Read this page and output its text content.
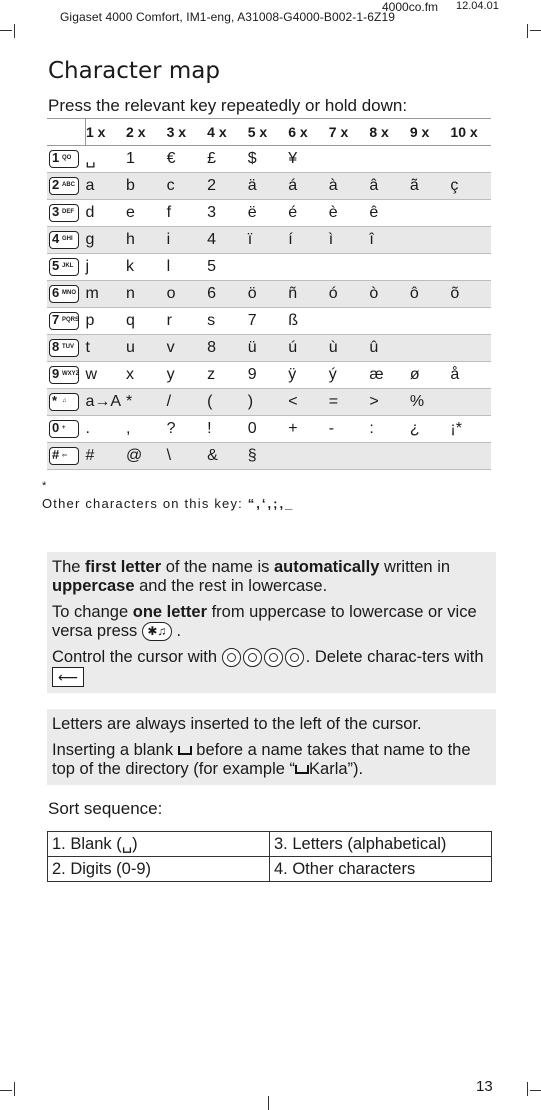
4000co.fm 12.04.01
Gigaset 4000 Comfort, IM1-eng, A31008-G4000-B002-1-6Z19
Character map
Press the relevant key repeatedly or hold down:
	1 x	2 x	3 x	4 x	5 x	6 x	7 x	8 x	9 x	10 x

1 QO	␣	1	€	£	$	¥				

2 ABC	a	b	c	2	ä	á	à	â	ã	ç

3 DEF	d	e	f	3	ë	é	è	ê		

4 GHI	g	h	i	4	ï	í	ì	î		

5 JKL	j	k	l	5						

6 MNO	m	n	o	6	ö	ñ	ó	ò	ô	õ

7 PQRS	p	q	r	s	7	ß				

8 TUV	t	u	v	8	ü	ú	ù	û		

9 WXYZ	w	x	y	z	9	ÿ	ý	æ	ø	å

* ♫	a→A	*	/	(	)	<	=	>	%	

0 +	.	,	?	!	0	+	-	:	¿	¡*

# ⇦	#	@	\	&	§					
*
Other characters on this key: “,‘,;,_

The first letter of the name is automatically written in uppercase and the rest in lowercase.

To change one letter from uppercase to lowercase or vice versa press ✱♫ .

Control the cursor with	. Delete charac-ters with ⟵

Letters are always inserted to the left of the cursor.

Inserting a blank before a name takes that name to the top of the directory (for example “ Karla”).

Sort sequence:
1. Blank (␣)	3. Letters (alphabetical)
2. Digits (0-9)	4. Other characters
13
